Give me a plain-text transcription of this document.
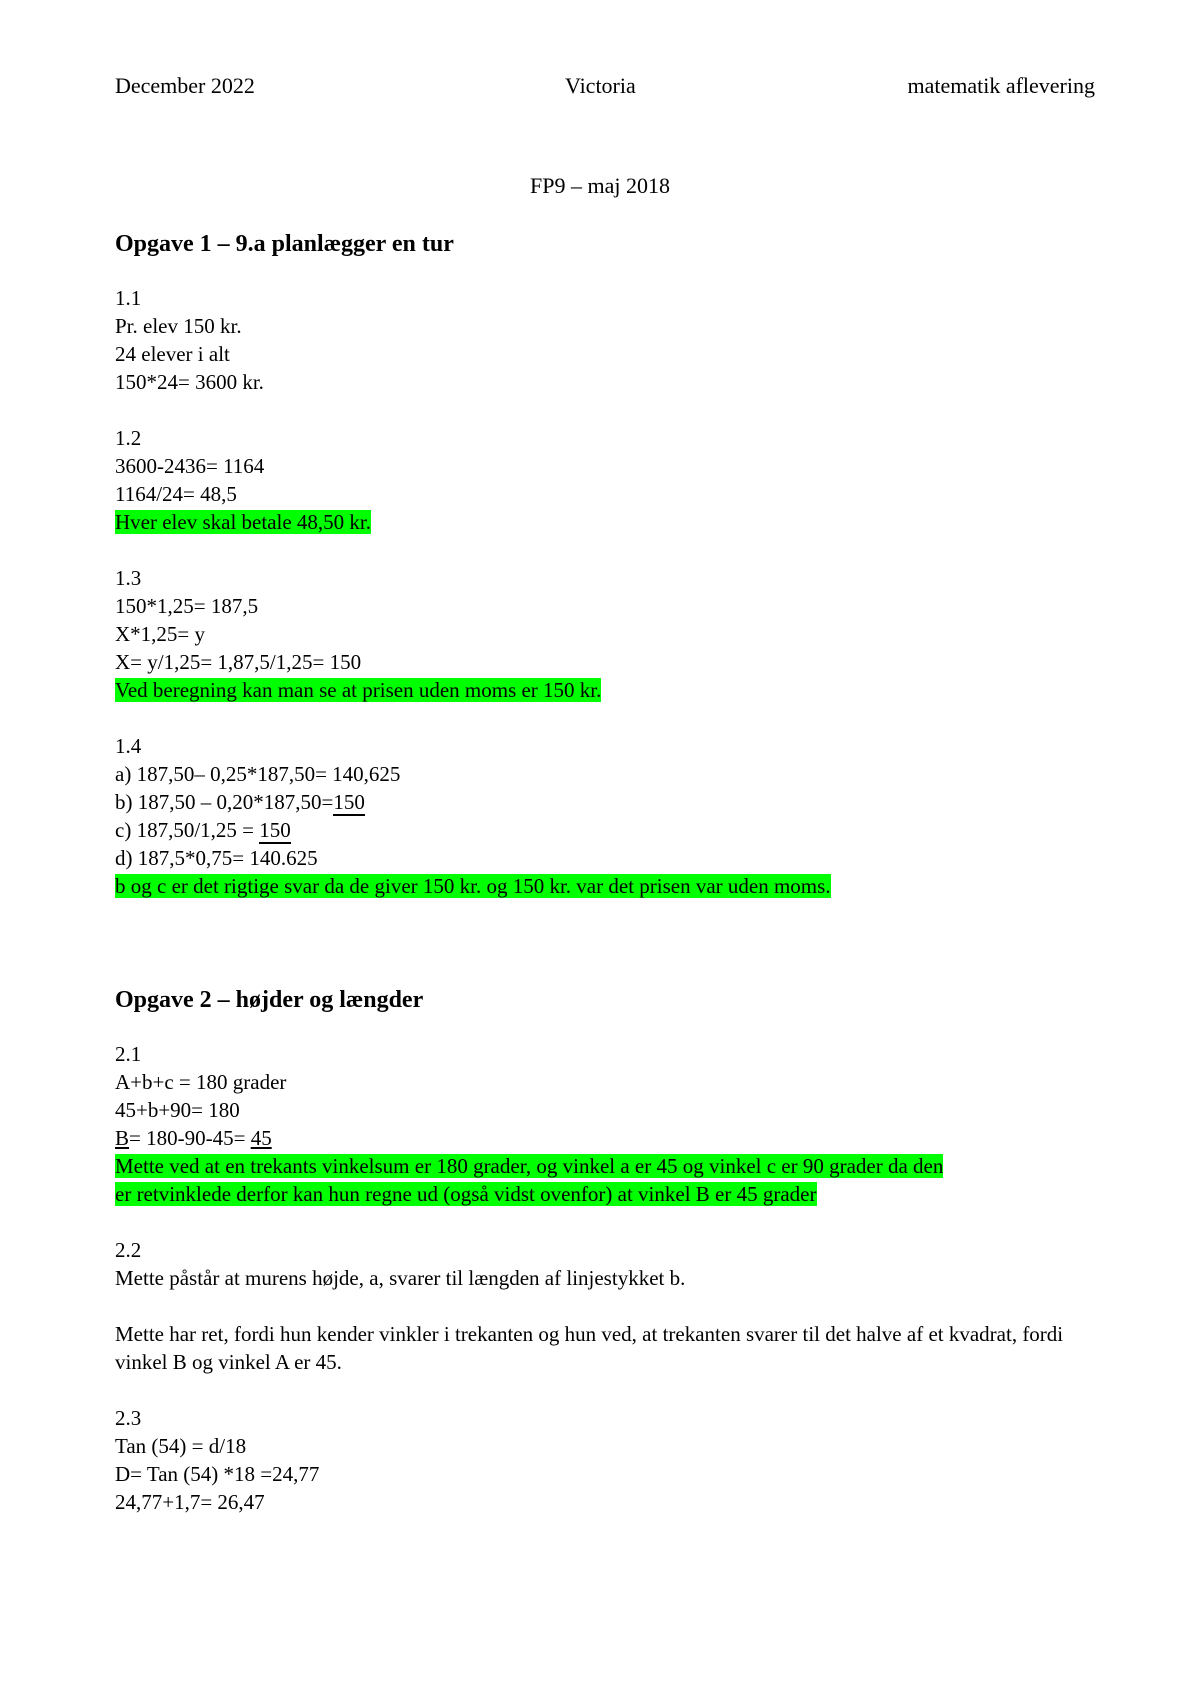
December 2022	Victoria	matematik aflevering
FP9 – maj 2018
Opgave 1 – 9.a planlægger en tur
1.1
Pr. elev 150 kr.
24 elever i alt
150*24= 3600 kr.
1.2
3600-2436= 1164
1164/24= 48,5
Hver elev skal betale 48,50 kr.
1.3
150*1,25= 187,5
X*1,25= y
X= y/1,25= 1,87,5/1,25= 150
Ved beregning kan man se at prisen uden moms er 150 kr.
1.4
a) 187,50– 0,25*187,50= 140,625
b) 187,50 – 0,20*187,50=150
c) 187,50/1,25 = 150
d) 187,5*0,75= 140.625
b og c er det rigtige svar da de giver 150 kr. og 150 kr. var det prisen var uden moms.
Opgave 2 – højder og længder
2.1
A+b+c = 180 grader
45+b+90= 180
B= 180-90-45= 45
Mette ved at en trekants vinkelsum er 180 grader, og vinkel a er 45 og vinkel c er 90 grader da den
er retvinklede derfor kan hun regne ud (også vidst ovenfor) at vinkel B er 45 grader
2.2
Mette påstår at murens højde, a, svarer til længden af linjestykket b.
Mette har ret, fordi hun kender vinkler i trekanten og hun ved, at trekanten svarer til det halve af et kvadrat, fordi vinkel B og vinkel A er 45.
2.3
Tan (54) = d/18
D= Tan (54) *18 =24,77
24,77+1,7= 26,47
